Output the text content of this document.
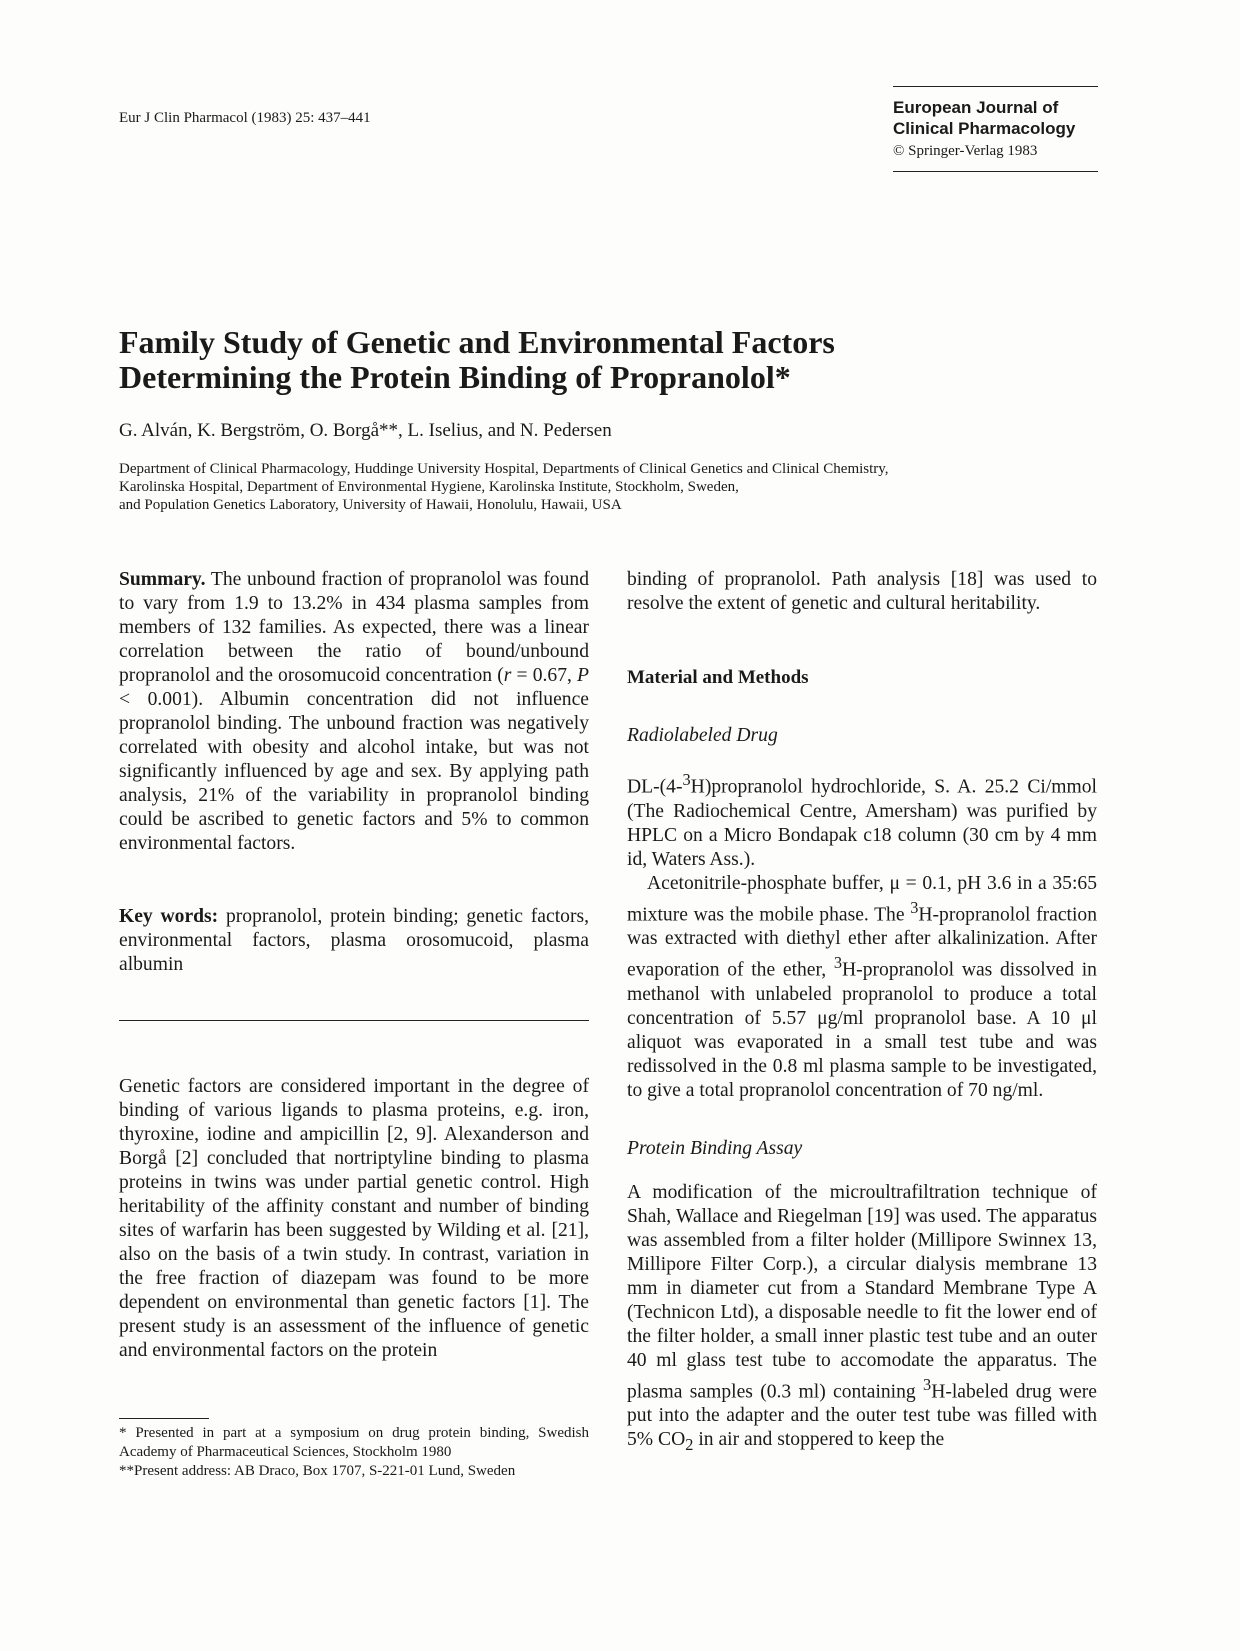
Eur J Clin Pharmacol (1983) 25: 437–441
European Journal of
Clinical Pharmacology
© Springer-Verlag 1983
Family Study of Genetic and Environmental Factors
Determining the Protein Binding of Propranolol*
G. Alván, K. Bergström, O. Borgå**, L. Iselius, and N. Pedersen
Department of Clinical Pharmacology, Huddinge University Hospital, Departments of Clinical Genetics and Clinical Chemistry,
Karolinska Hospital, Department of Environmental Hygiene, Karolinska Institute, Stockholm, Sweden,
and Population Genetics Laboratory, University of Hawaii, Honolulu, Hawaii, USA

Summary. The unbound fraction of propranolol was found to vary from 1.9 to 13.2% in 434 plasma samples from members of 132 families. As expected, there was a linear correlation between the ratio of bound/unbound propranolol and the orosomucoid concentration (r = 0.67, P < 0.001). Albumin concentration did not influence propranolol binding. The unbound fraction was negatively correlated with obesity and alcohol intake, but was not significantly influenced by age and sex. By applying path analysis, 21% of the variability in propranolol binding could be ascribed to genetic factors and 5% to common environmental factors.

Key words: propranolol, protein binding; genetic factors, environmental factors, plasma orosomucoid, plasma albumin

Genetic factors are considered important in the degree of binding of various ligands to plasma proteins, e.g. iron, thyroxine, iodine and ampicillin [2, 9]. Alexanderson and Borgå [2] concluded that nortriptyline binding to plasma proteins in twins was under partial genetic control. High heritability of the affinity constant and number of binding sites of warfarin has been suggested by Wilding et al. [21], also on the basis of a twin study. In contrast, variation in the free fraction of diazepam was found to be more dependent on environmental than genetic factors [1]. The present study is an assessment of the influence of genetic and environmental factors on the protein

* Presented in part at a symposium on drug protein binding, Swedish Academy of Pharmaceutical Sciences, Stockholm 1980
**Present address: AB Draco, Box 1707, S-221-01 Lund, Sweden

binding of propranolol. Path analysis [18] was used to resolve the extent of genetic and cultural heritability.

Material and Methods

Radiolabeled Drug

DL-(4-$^3$H)propranolol hydrochloride, S. A. 25.2 Ci/mmol (The Radiochemical Centre, Amersham) was purified by HPLC on a Micro Bondapak c18 column (30 cm by 4 mm id, Waters Ass.).

Acetonitrile-phosphate buffer, μ = 0.1, pH 3.6 in a 35:65 mixture was the mobile phase. The $^3$H-propranolol fraction was extracted with diethyl ether after alkalinization. After evaporation of the ether, $^3$H-propranolol was dissolved in methanol with unlabeled propranolol to produce a total concentration of 5.57 μg/ml propranolol base. A 10 μl aliquot was evaporated in a small test tube and was redissolved in the 0.8 ml plasma sample to be investigated, to give a total propranolol concentration of 70 ng/ml.

Protein Binding Assay

A modification of the microultrafiltration technique of Shah, Wallace and Riegelman [19] was used. The apparatus was assembled from a filter holder (Millipore Swinnex 13, Millipore Filter Corp.), a circular dialysis membrane 13 mm in diameter cut from a Standard Membrane Type A (Technicon Ltd), a disposable needle to fit the lower end of the filter holder, a small inner plastic test tube and an outer 40 ml glass test tube to accomodate the apparatus. The plasma samples (0.3 ml) containing $^3$H-labeled drug were put into the adapter and the outer test tube was filled with 5% $CO_2$ in air and stoppered to keep the
